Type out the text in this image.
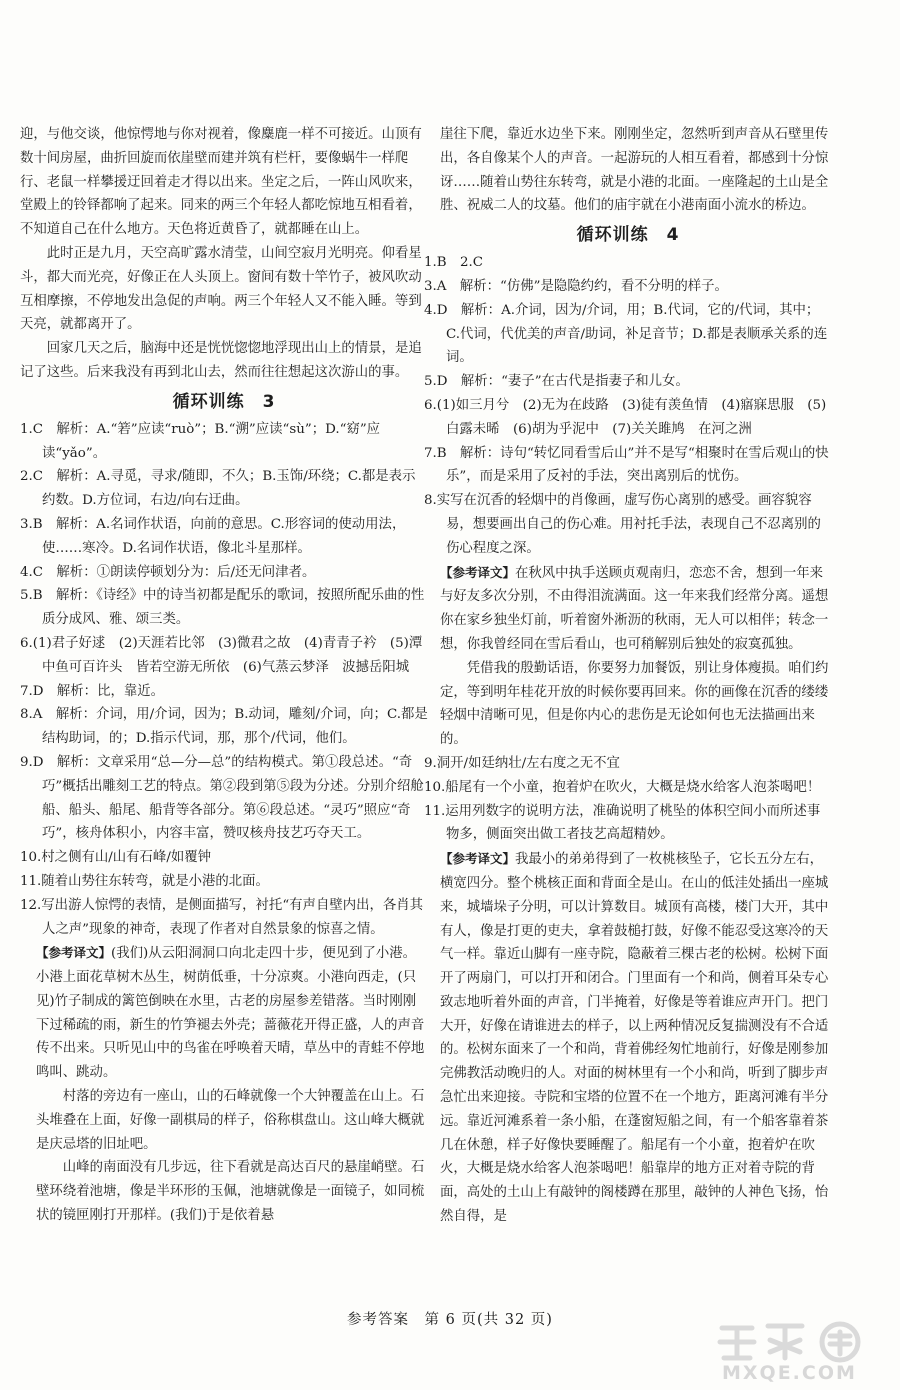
迎，与他交谈，他惊愕地与你对视着，像麋鹿一样不可接近。山顶有数十间房屋，曲折回旋而依崖壁而建并筑有栏杆，要像蜗牛一样爬行、老鼠一样攀援迂回着走才得以出来。坐定之后，一阵山风吹来，堂殿上的铃铎都响了起来。同来的两三个年轻人都吃惊地互相看着，不知道自己在什么地方。天色将近黄昏了，就都睡在山上。

此时正是九月，天空高旷露水清莹，山间空寂月光明亮。仰看星斗，都大而光亮，好像正在人头顶上。窗间有数十竿竹子，被风吹动互相摩擦，不停地发出急促的声响。两三个年轻人又不能入睡。等到天亮，就都离开了。

回家几天之后，脑海中还是恍恍惚惚地浮现出山上的情景，是追记了这些。后来我没有再到北山去，然而往往想起这次游山的事。

循环训练　3

1.C　解析：A.“箬”应读“ruò”；B.“溯”应读“sù”；D.“窈”应读“yǎo”。

2.C　解析：A.寻觅，寻求/随即，不久；B.玉饰/环绕；C.都是表示约数。D.方位词，右边/向右迂曲。

3.B　解析：A.名词作状语，向前的意思。C.形容词的使动用法，使……寒冷。D.名词作状语，像北斗星那样。

4.C　解析：①朗读停顿划分为：后/还无问津者。

5.B　解析：《诗经》中的诗当初都是配乐的歌词，按照所配乐曲的性质分成风、雅、颂三类。

6.(1)君子好逑　(2)天涯若比邻　(3)微君之故　(4)青青子衿　(5)潭中鱼可百许头　皆若空游无所依　(6)气蒸云梦泽　波撼岳阳城

7.D　解析：比，靠近。

8.A　解析：介词，用/介词，因为；B.动词，雕刻/介词，向；C.都是结构助词，的；D.指示代词，那，那个/代词，他们。

9.D　解析：文章采用“总—分—总”的结构模式。第①段总述。“奇巧”概括出雕刻工艺的特点。第②段到第⑤段为分述。分别介绍舱船、船头、船尾、船背等各部分。第⑥段总述。“灵巧”照应“奇巧”，核舟体积小，内容丰富，赞叹核舟技艺巧夺天工。

10.村之侧有山/山有石峰/如覆钟

11.随着山势往东转弯，就是小港的北面。

12.写出游人惊愕的表情，是侧面描写，衬托“有声自壁内出，各肖其人之声”现象的神奇，表现了作者对自然景象的惊喜之情。

【参考译文】(我们)从云阳洞洞口向北走四十步，便见到了小港。小港上面花草树木丛生，树荫低垂，十分凉爽。小港向西走，(只见)竹子制成的篱笆倒映在水里，古老的房屋参差错落。当时刚刚下过稀疏的雨，新生的竹笋褪去外壳；蔷薇花开得正盛，人的声音传不出来。只听见山中的鸟雀在呼唤着天晴，草丛中的青蛙不停地鸣叫、跳动。

村落的旁边有一座山，山的石峰就像一个大钟覆盖在山上。石头堆叠在上面，好像一副棋局的样子，俗称棋盘山。这山峰大概就是庆忌塔的旧址吧。

山峰的南面没有几步远，往下看就是高达百尺的悬崖峭壁。石壁环绕着池塘，像是半环形的玉佩，池塘就像是一面镜子，如同梳状的镜匣刚打开那样。(我们)于是依着悬

崖往下爬，靠近水边坐下来。刚刚坐定，忽然听到声音从石壁里传出，各自像某个人的声音。一起游玩的人相互看着，都感到十分惊讶……随着山势往东转弯，就是小港的北面。一座隆起的土山是全胜、祝威二人的坟墓。他们的庙宇就在小港南面小流水的桥边。

循环训练　4

1.B　2.C

3.A　解析：“仿佛”是隐隐约约，看不分明的样子。

4.D　解析：A.介词，因为/介词，用；B.代词，它的/代词，其中；C.代词，代优美的声音/助词，补足音节；D.都是表顺承关系的连词。

5.D　解析：“妻子”在古代是指妻子和儿女。

6.(1)如三月兮　(2)无为在歧路　(3)徒有羡鱼情　(4)寤寐思服　(5)白露未晞　(6)胡为乎泥中　(7)关关雎鸠　在河之洲

7.B　解析：诗句“转忆同看雪后山”并不是写“相聚时在雪后观山的快乐”，而是采用了反衬的手法，突出离别后的忧伤。

8.实写在沉香的轻烟中的肖像画，虚写伤心离别的感受。画容貌容易，想要画出自己的伤心难。用衬托手法，表现自己不忍离别的伤心程度之深。

【参考译文】在秋风中执手送顾贞观南归，恋恋不舍，想到一年来与好友多次分别，不由得泪流满面。这一年来我们经常分离。遥想你在家乡独坐灯前，听着窗外淅沥的秋雨，无人可以相伴；转念一想，你我曾经同在雪后看山，也可稍解别后独处的寂寞孤独。

凭借我的殷勤话语，你要努力加餐饭，别让身体瘦损。咱们约定，等到明年桂花开放的时候你要再回来。你的画像在沉香的缕缕轻烟中清晰可见，但是你内心的悲伤是无论如何也无法描画出来的。

9.洞开/如廷纳壮/左右度之无不宜

10.船尾有一个小童，抱着炉在吹火，大概是烧水给客人泡茶喝吧！

11.运用列数字的说明方法，准确说明了桃坠的体积空间小而所述事物多，侧面突出做工者技艺高超精妙。

【参考译文】我最小的弟弟得到了一枚桃核坠子，它长五分左右，横宽四分。整个桃核正面和背面全是山。在山的低洼处插出一座城来，城墙垛子分明，可以计算数目。城顶有高楼，楼门大开，其中有人，像是打更的吏夫，拿着鼓槌打鼓，好像不能忍受这寒冷的天气一样。靠近山脚有一座寺院，隐蔽着三棵古老的松树。松树下面开了两扇门，可以打开和闭合。门里面有一个和尚，侧着耳朵专心致志地听着外面的声音，门半掩着，好像是等着谁应声开门。把门大开，好像在请谁进去的样子，以上两种情况反复揣测没有不合适的。松树东面来了一个和尚，背着佛经匆忙地前行，好像是刚参加完佛教活动晚归的人。对面的树林里有一个小和尚，听到了脚步声急忙出来迎接。寺院和宝塔的位置不在一个地方，距离河滩有半分远。靠近河滩系着一条小船，在蓬窗短船之间，有一个船客靠着茶几在休憩，样子好像快要睡醒了。船尾有一个小童，抱着炉在吹火，大概是烧水给客人泡茶喝吧！船靠岸的地方正对着寺院的背面，高处的土山上有敲钟的阁楼蹲在那里，敲钟的人神色飞扬，怡然自得，是

参考答案　第 6 页(共 32 页)
MXQE.COM
